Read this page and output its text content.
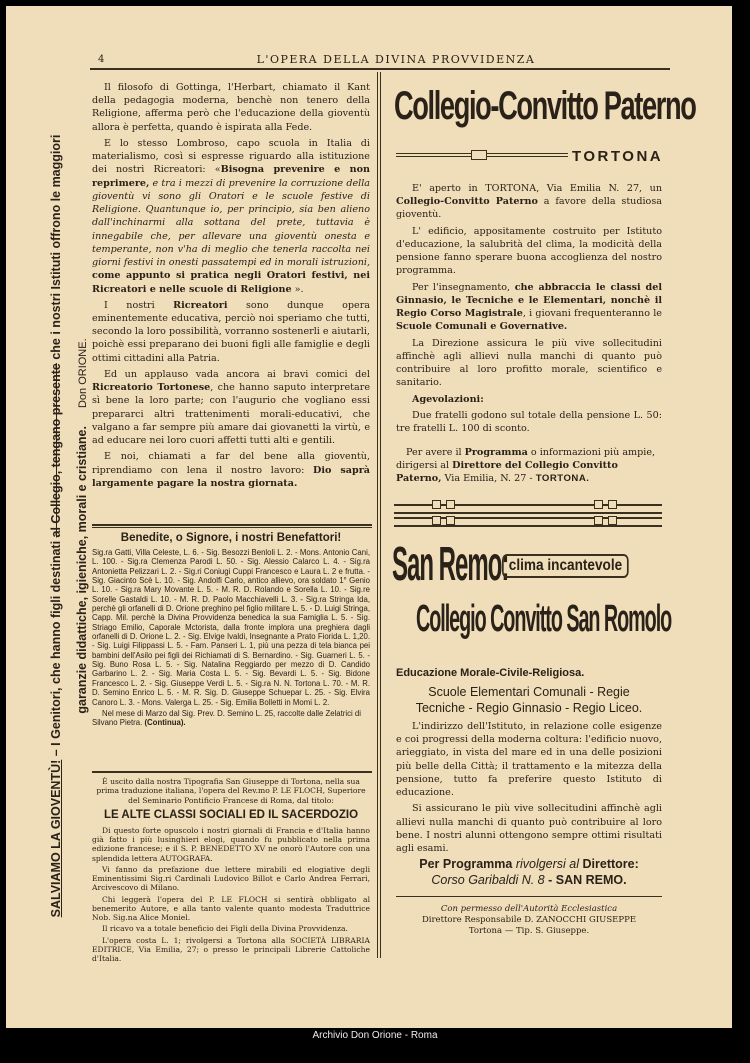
4	L'OPERA DELLA DIVINA PROVVIDENZA
SALVIAMO LA GIOVENTÙ! – I Genitori, che hanno figli destinati al Collegio, tengano presente che i nostri Istituti offrono le maggiori
garanzie didattiche, igieniche, morali e cristiane.Don ORIONE.

Il filosofo di Gottinga, l'Herbart, chiamato il Kant della pedagogia moderna, benchè non tenero della Religione, afferma però che l'educazione della gioventù allora è perfetta, quando è ispirata alla Fede.

E lo stesso Lombroso, capo scuola in Italia di materialismo, così si espresse riguardo alla istituzione dei nostri Ricreatori: «Bisogna prevenire e non reprimere, e tra i mezzi di prevenire la corruzione della gioventù vi sono gli Oratori e le scuole festive di Religione. Quantunque io, per principio, sia ben alieno dall'inchinarmi alla sottana del prete, tuttavia è innegabile che, per allevare una gioventù onesta e temperante, non v'ha di meglio che tenerla raccolta nei giorni festivi in onesti passatempi ed in morali istruzioni, come appunto si pratica negli Oratori festivi, nei Ricreatori e nelle scuole di Religione ».

I nostri Ricreatori sono dunque opera eminentemente educativa, perciò noi speriamo che tutti, secondo la loro possibilità, vorranno sostenerli e aiutarli, poichè essi preparano dei buoni figli alle famiglie e degli ottimi cittadini alla Patria.

Ed un applauso vada ancora ai bravi comici del Ricreatorio Tortonese, che hanno saputo interpretare sì bene la loro parte; con l'augurio che vogliano essi prepararci altri trattenimenti morali-educativi, che valgano a far sempre più amare dai giovanetti la virtù, e ad educare nei loro cuori affetti tutti alti e gentili.

E noi, chiamati a far del bene alla gioventù, riprendiamo con lena il nostro lavoro: Dio saprà largamente pagare la nostra giornata.

Benedite, o Signore, i nostri Benefattori!
Sig.ra Gatti, Villa Celeste, L. 6. - Sig. Besozzi Benloli L. 2. - Mons. Antonio Cani, L. 100. - Sig.ra Clemenza Parodi L. 50. - Sig. Alessio Calarco L. 4. - Sig.ra Antonietta Pelizzari L. 2. - Sig.ri Coniugi Cuppi Francesco e Laura L. 2 e frutta. - Sig. Giacinto Scè L. 10. - Sig. Andolfi Carlo, antico allievo, ora soldato 1° Genio L. 10. - Sig.ra Mary Movante L. 5. - M. R. D. Rolando e Sorella L. 10. - Sig.re Sorelle Gastaldi L. 10. - M. R. D. Paolo Macchiavelli L. 3. - Sig.ra Stringa Ida, perchè gli orfanelli di D. Orione preghino pel figlio militare L. 5. - D. Luigi Stringa, Capp. Mil. perchè la Divina Provvidenza benedica la sua Famiglia L. 5. - Sig. Striago Emilio, Caporale Mctorista, dalla fronte implora una preghiera dagli orfanelli di D. Orione L. 2. - Sig. Elvige Ivaldi, Insegnante a Prato Fiorida L. 1,20. - Sig. Luigi Filippassi L. 5. - Fam. Panseri L. 1, più una pezza di tela bianca pei bambini dell'Asilo pei figli dei Richiamati di S. Bernardino. - Sig. Guarneri L. 5. - Sig. Buno Rosa L. 5. - Sig. Natalina Reggiardo per mezzo di D. Candido Garbarino L. 2. - Sig. Maria Costa L. 5. - Sig. Bevardi L. 5. - Sig. Bidone Francesco L. 2. - Sig. Giuseppe Verdi L. 5. - Sig.ra N. N. Tortona L. 70. - M. R. D. Semino Enrico L. 5. - M. R. Sig. D. Giuseppe Schuepar L. 25. - Sig. Elvira Canoro L. 3. - Mons. Valerga L. 25. - Sig. Emilia Bolletti in Momi L. 2.
Nel mese di Marzo dal Sig. Prev. D. Semino L. 25, raccolte dalle Zelatrici di Silvano Pietra. (Continua).
È uscito dalla nostra Tipografia San Giuseppe di Tortona, nella sua prima traduzione italiana, l'opera del Rev.mo P. LE FLOCH, Superiore del Seminario Pontificio Francese di Roma, dal titolo:
LE ALTE CLASSI SOCIALI ED IL SACERDOZIO

Di questo forte opuscolo i nostri giornali di Francia e d'Italia hanno già fatto i più lusinghieri elogi, quando fu pubblicato nella prima edizione francese; e il S. P. BENEDETTO XV ne onorò l'Autore con una splendida lettera AUTOGRAFA.

Vi fanno da prefazione due lettere mirabili ed elogiative degli Eminentissimi Sig.ri Cardinali Ludovico Billot e Carlo Andrea Ferrari, Arcivescovo di Milano.

Chi leggerà l'opera del P. LE FLOCH si sentirà obbligato al benemerito Autore, e alla tanto valente quanto modesta Traduttrice Nob. Sig.na Alice Moniel.

Il ricavo va a totale beneficio dei Figli della Divina Provvidenza.

L'opera costa L. 1; rivolgersi a Tortona alla SOCIETÀ LIBRARIA EDITRICE, Via Emilia, 27; o presso le principali Librerie Cattoliche d'Italia.

Collegio-Convitto Paterno
TORTONA

E' aperto in TORTONA, Via Emilia N. 27, un Collegio-Convitto Paterno a favore della studiosa gioventù.

L' edificio, appositamente costruito per Istituto d'educazione, la salubrità del clima, la modicità della pensione fanno sperare buona accoglienza del nostro programma.

Per l'insegnamento, che abbraccia le classi del Ginnasio, le Tecniche e le Elementari, nonchè il Regio Corso Magistrale, i giovani frequenteranno le Scuole Comunali e Governative.

La Direzione assicura le più vive sollecitudini affinchè agli allievi nulla manchi di quanto può contribuire al loro profitto morale, scientifico e sanitario.

Agevolazioni:

Due fratelli godono sul totale della pensione L. 50: tre fratelli L. 100 di sconto.

Per avere il Programma o informazioni più ampie, dirigersi al Direttore del Collegio Convitto Paterno, Via Emilia, N. 27 - TORTONA.
San Remo: clima incantevole
Collegio Convitto San Romolo
Educazione Morale-Civile-Religiosa.
Scuole Elementari Comunali - Regie
Tecniche - Regio Ginnasio - Regio Liceo.

L'indirizzo dell'Istituto, in relazione colle esigenze e coi progressi della moderna coltura: l'edificio nuovo, arieggiato, in vista del mare ed in una delle posizioni più belle della Città; il trattamento e la mitezza della pensione, tutto fa preferire questo Istituto di educazione.

Si assicurano le più vive sollecitudini affinchè agli allievi nulla manchi di quanto può contribuire al loro bene. I nostri alunni ottengono sempre ottimi risultati agli esami.

Per Programma rivolgersi al Direttore:
Corso Garibaldi N. 8 - SAN REMO.
Con permesso dell'Autorità Ecclesiastica
Direttore Responsabile D. ZANOCCHI GIUSEPPE
Tortona — Tip. S. Giuseppe.
Archivio Don Orione - Roma
